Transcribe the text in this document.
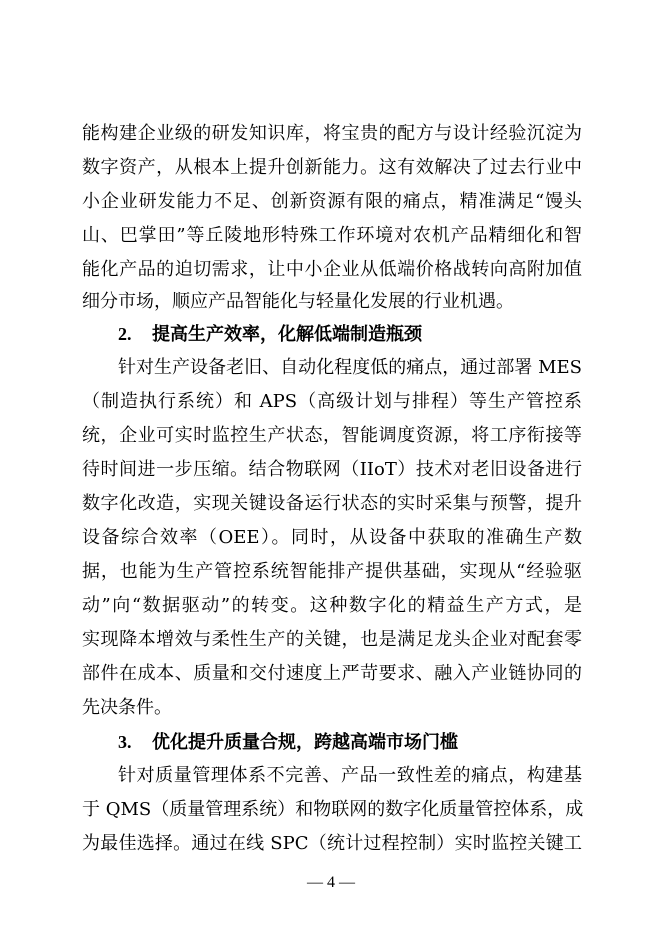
能构建企业级的研发知识库，将宝贵的配方与设计经验沉淀为
数字资产，从根本上提升创新能力。这有效解决了过去行业中
小企业研发能力不足、创新资源有限的痛点，精准满足“馒头
山、巴掌田”等丘陵地形特殊工作环境对农机产品精细化和智
能化产品的迫切需求，让中小企业从低端价格战转向高附加值
细分市场，顺应产品智能化与轻量化发展的行业机遇。
2. 提高生产效率，化解低端制造瓶颈
针对生产设备老旧、自动化程度低的痛点，通过部署 MES
（制造执行系统）和 APS（高级计划与排程）等生产管控系
统，企业可实时监控生产状态，智能调度资源，将工序衔接等
待时间进一步压缩。结合物联网（IIoT）技术对老旧设备进行
数字化改造，实现关键设备运行状态的实时采集与预警，提升
设备综合效率（OEE）。同时，从设备中获取的准确生产数
据，也能为生产管控系统智能排产提供基础，实现从“经验驱
动”向“数据驱动”的转变。这种数字化的精益生产方式，是
实现降本增效与柔性生产的关键，也是满足龙头企业对配套零
部件在成本、质量和交付速度上严苛要求、融入产业链协同的
先决条件。
3. 优化提升质量合规，跨越高端市场门槛
针对质量管理体系不完善、产品一致性差的痛点，构建基
于 QMS（质量管理系统）和物联网的数字化质量管控体系，成
为最佳选择。通过在线 SPC（统计过程控制）实时监控关键工
— 4 —
